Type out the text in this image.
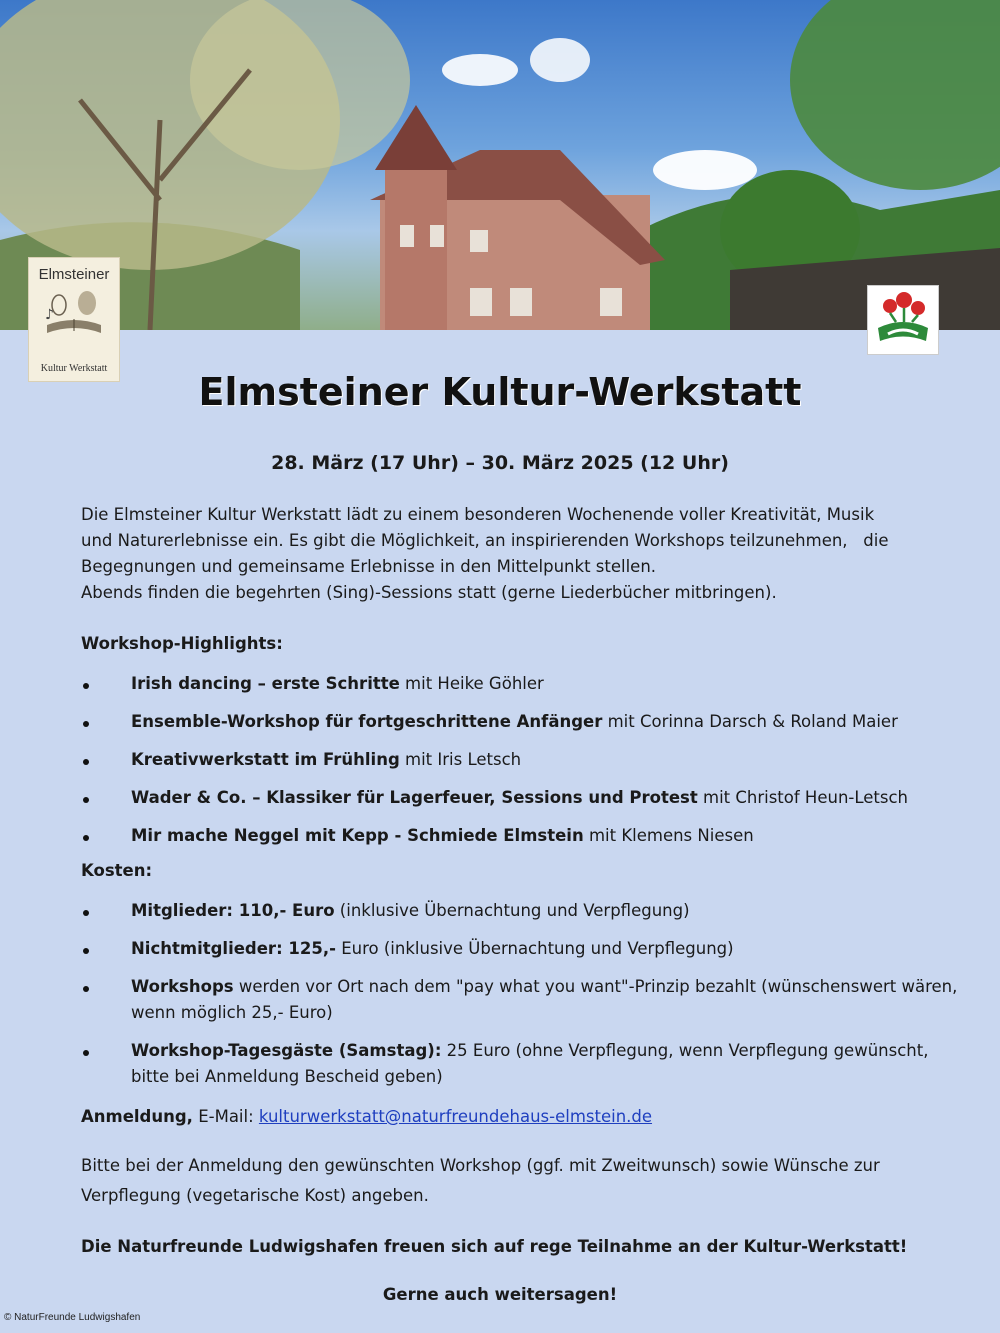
Elmsteiner
♪
Kultur Werkstatt
Elmsteiner Kultur-Werkstatt
28. März (17 Uhr) – 30. März 2025 (12 Uhr)
Die Elmsteiner Kultur Werkstatt lädt zu einem besonderen Wochenende voller Kreativität, Musik
und Naturerlebnisse ein. Es gibt die Möglichkeit, an inspirierenden Workshops teilzunehmen,   die
Begegnungen und gemeinsame Erlebnisse in den Mittelpunkt stellen.
Abends finden die begehrten (Sing)-Sessions statt (gerne Liederbücher mitbringen).
Workshop-Highlights:
Irish dancing – erste Schritte mit Heike Göhler
Ensemble-Workshop für fortgeschrittene Anfänger mit Corinna Darsch & Roland Maier
Kreativwerkstatt im Frühling mit Iris Letsch
Wader & Co. – Klassiker für Lagerfeuer, Sessions und Protest mit Christof Heun-Letsch
Mir mache Neggel mit Kepp - Schmiede Elmstein mit Klemens Niesen
Kosten:
Mitglieder: 110,- Euro (inklusive Übernachtung und Verpflegung)
Nichtmitglieder: 125,- Euro (inklusive Übernachtung und Verpflegung)
Workshops werden vor Ort nach dem "pay what you want"-Prinzip bezahlt (wünschenswert wären, wenn möglich 25,- Euro)
Workshop-Tagesgäste (Samstag): 25 Euro (ohne Verpflegung, wenn Verpflegung gewünscht, bitte bei Anmeldung Bescheid geben)
Anmeldung, E-Mail: kulturwerkstatt@naturfreundehaus-elmstein.de
Bitte bei der Anmeldung den gewünschten Workshop (ggf. mit Zweitwunsch) sowie Wünsche zur Verpflegung (vegetarische Kost) angeben.
Die Naturfreunde Ludwigshafen freuen sich auf rege Teilnahme an der Kultur-Werkstatt!
Gerne auch weitersagen!
© NaturFreunde Ludwigshafen
